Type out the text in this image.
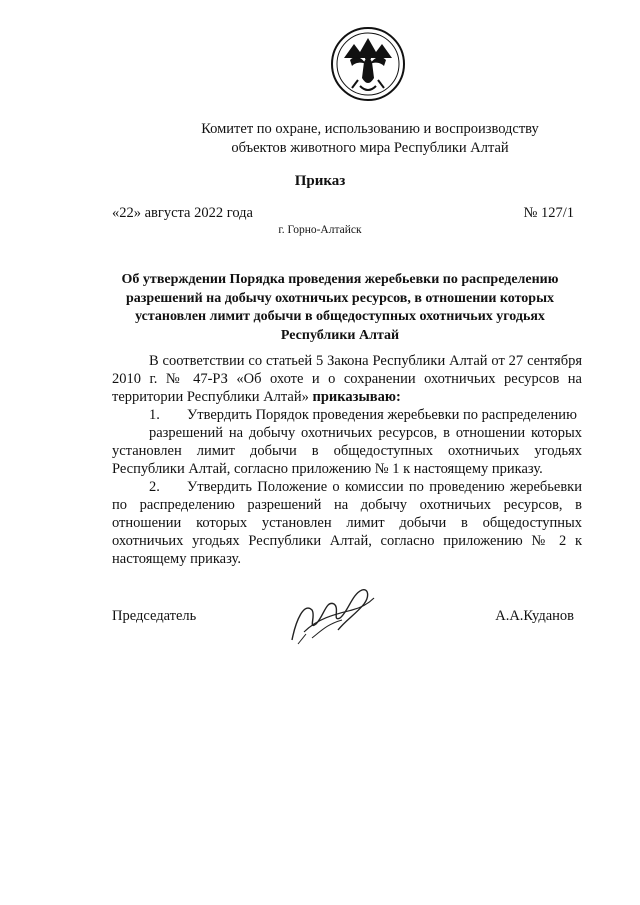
Комитет по охране, использованию и воспроизводству
объектов животного мира Республики Алтай
Приказ
«22» августа 2022 года	№ 127/1
г. Горно-Алтайск
Об утверждении Порядка проведения жеребьевки по распределению
разрешений на добычу охотничьих ресурсов, в отношении которых
установлен лимит добычи в общедоступных охотничьих угодьях
Республики Алтай

В соответствии со статьей 5 Закона Республики Алтай от 27 сентября 2010 г. № 47-РЗ «Об охоте и о сохранении охотничьих ресурсов на территории Республики Алтай» приказываю:

1. Утвердить Порядок проведения жеребьевки по распределению

разрешений на добычу охотничьих ресурсов, в отношении которых установлен лимит добычи в общедоступных охотничьих угодьях Республики Алтай, согласно приложению № 1 к настоящему приказу.

2. Утвердить Положение о комиссии по проведению жеребьевки по распределению разрешений на добычу охотничьих ресурсов, в отношении которых установлен лимит добычи в общедоступных охотничьих угодьях Республики Алтай, согласно приложению № 2 к настоящему приказу.

Председатель	А.А.Куданов
